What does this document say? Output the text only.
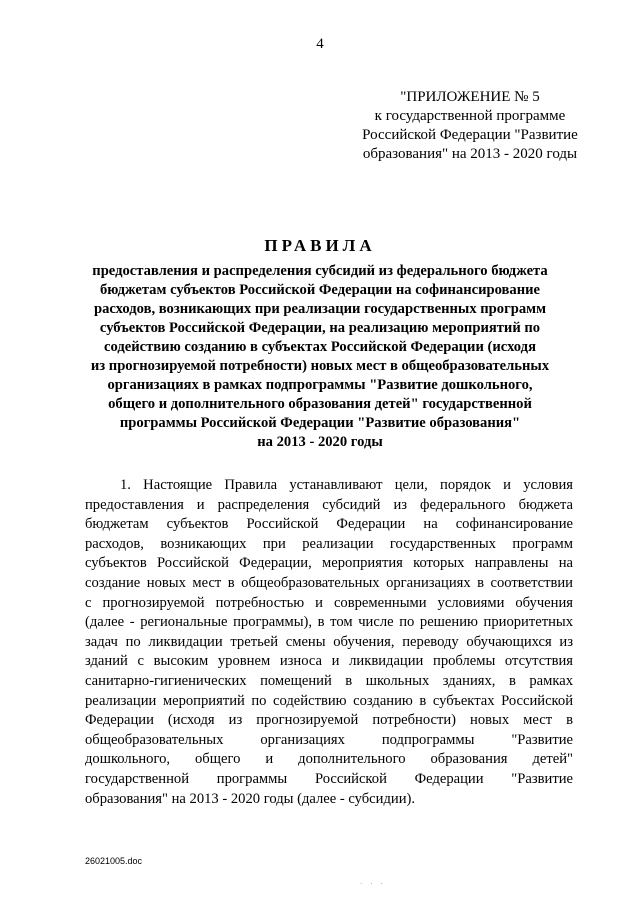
4
"ПРИЛОЖЕНИЕ № 5
к государственной программе
Российской Федерации "Развитие
образования" на 2013 - 2020 годы
ПРАВИЛА
предоставления и распределения субсидий из федерального бюджета
бюджетам субъектов Российской Федерации на софинансирование
расходов, возникающих при реализации государственных программ
субъектов Российской Федерации, на реализацию мероприятий по
содействию созданию в субъектах Российской Федерации (исходя
из прогнозируемой потребности) новых мест в общеобразовательных
организациях в рамках подпрограммы "Развитие дошкольного,
общего и дополнительного образования детей" государственной
программы Российской Федерации "Развитие образования"
на 2013 - 2020 годы
1. Настоящие Правила устанавливают цели, порядок и условия
предоставления и распределения субсидий из федерального бюджета
бюджетам субъектов Российской Федерации на софинансирование
расходов, возникающих при реализации государственных программ
субъектов Российской Федерации, мероприятия которых направлены на
создание новых мест в общеобразовательных организациях в соответствии
с прогнозируемой потребностью и современными условиями обучения
(далее - региональные программы), в том числе по решению приоритетных
задач по ликвидации третьей смены обучения, переводу обучающихся из
зданий с высоким уровнем износа и ликвидации проблемы отсутствия
санитарно-гигиенических помещений в школьных зданиях, в рамках
реализации мероприятий по содействию созданию в субъектах Российской
Федерации (исходя из прогнозируемой потребности) новых мест в
общеобразовательных организациях подпрограммы "Развитие
дошкольного, общего и дополнительного образования детей"
государственной программы Российской Федерации "Развитие
образования" на 2013 - 2020 годы (далее - субсидии).
26021005.doc
· · ·
